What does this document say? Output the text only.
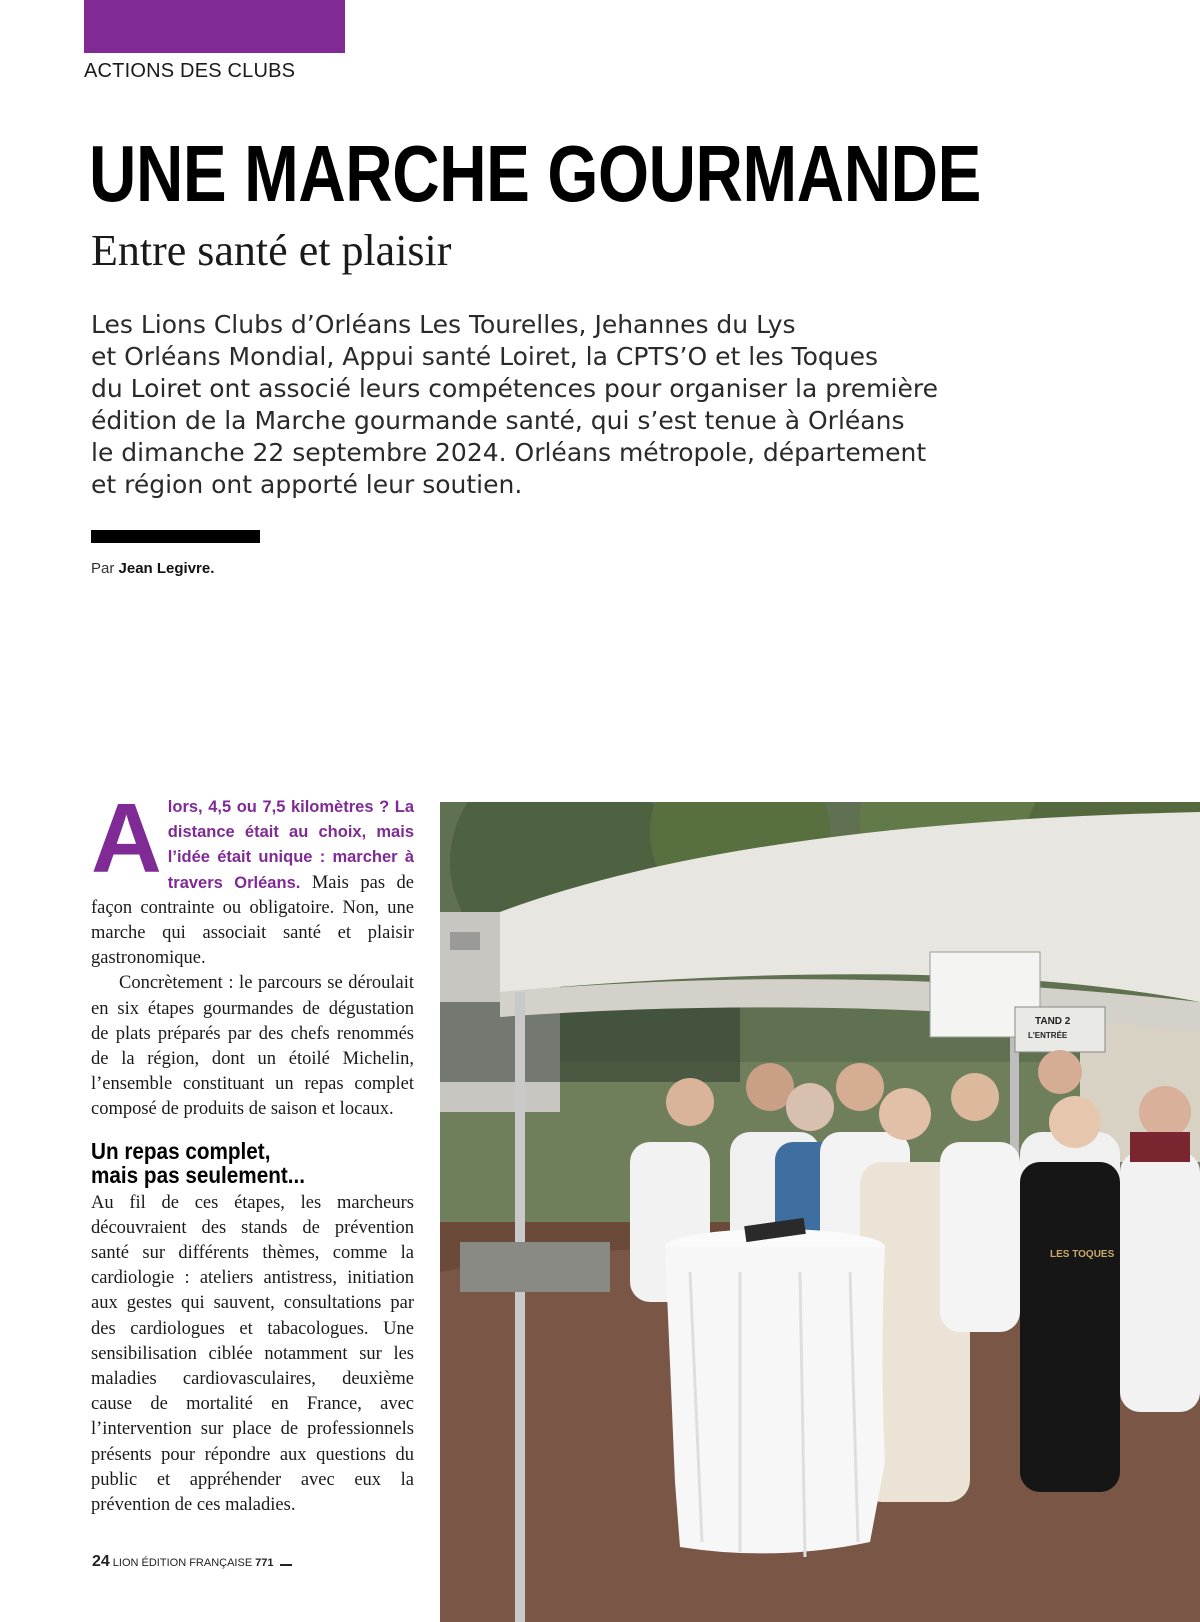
ACTIONS DES CLUBS
UNE MARCHE GOURMANDE
Entre santé et plaisir

Les Lions Clubs d’Orléans Les Tourelles, Jehannes du Lys
et Orléans Mondial, Appui santé Loiret, la CPTS’O et les Toques
du Loiret ont associé leurs compétences pour organiser la première
édition de la Marche gourmande santé, qui s’est tenue à Orléans
le dimanche 22 septembre 2024. Orléans métropole, département
et région ont apporté leur soutien.

Par Jean Legivre.

Alors, 4,5 ou 7,5 kilomètres ? La distance était au choix, mais l’idée était unique : marcher à travers Orléans. Mais pas de façon contrainte ou obligatoire. Non, une marche qui associait santé et plaisir gastronomique.

Concrètement : le parcours se déroulait en six étapes gourmandes de dégustation de plats préparés par des chefs renommés de la région, dont un étoilé Michelin, l’ensemble constituant un repas complet composé de produits de saison et locaux.

Un repas complet,
mais pas seulement...

Au fil de ces étapes, les marcheurs découvraient des stands de prévention santé sur différents thèmes, comme la cardiologie : ateliers antistress, initiation aux gestes qui sauvent, consultations par des cardiologues et tabacologues. Une sensibilisation ciblée notamment sur les maladies cardiovasculaires, deuxième cause de mortalité en France, avec l’intervention sur place de professionnels présents pour répondre aux questions du public et appréhender avec eux la prévention de ces maladies.

24 LION ÉDITION FRANÇAISE 771
TAND 2
L'ENTRÉE
LES TOQUES
